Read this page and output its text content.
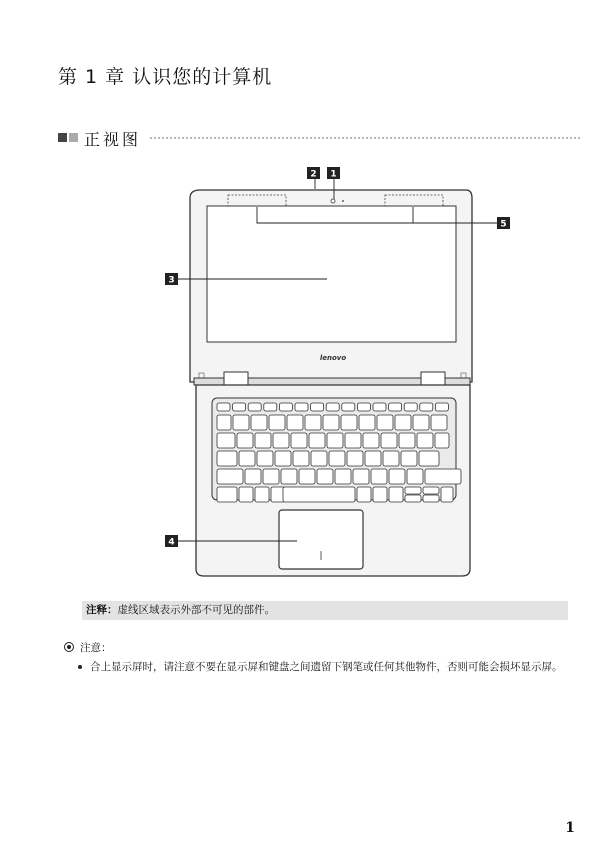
第 1 章 认识您的计算机
正视图
lenovo
1
2
3
4
5
注释：虚线区域表示外部不可见的部件。
注意：
合上显示屏时，请注意不要在显示屏和键盘之间遗留下钢笔或任何其他物件，否则可能会损坏显示屏。
1
